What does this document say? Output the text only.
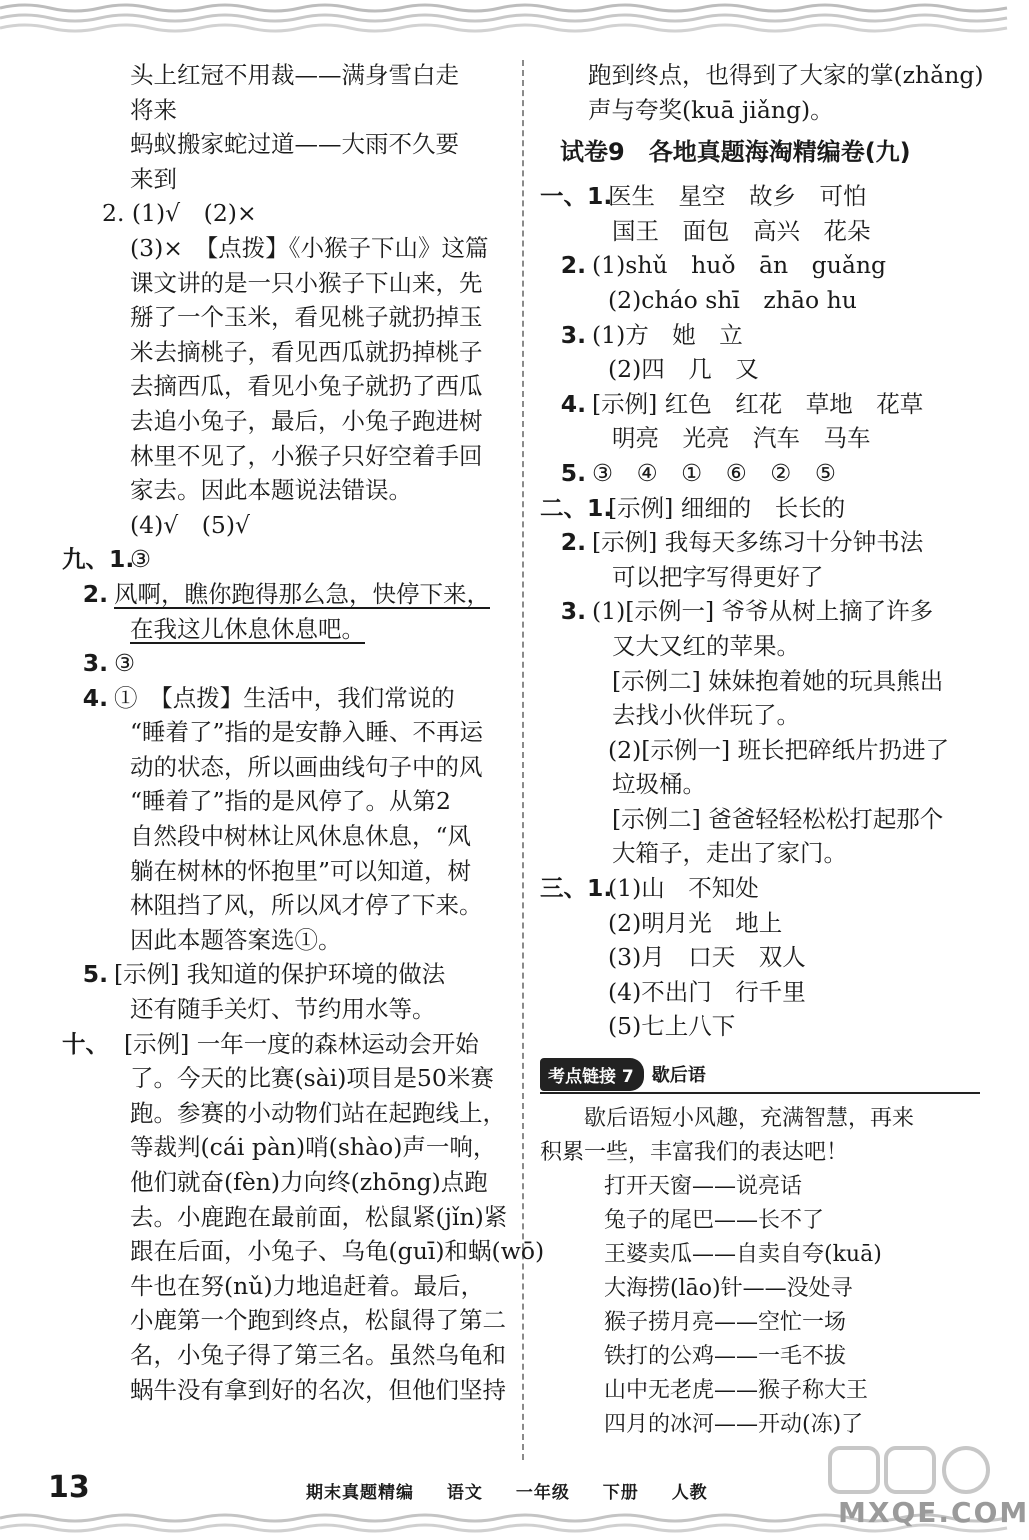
头上红冠不用裁——满身雪白走
将来
蚂蚁搬家蛇过道——大雨不久要
来到
2. (1)√　(2)×
(3)×　【点拨】《小猴子下山》这篇
课文讲的是一只小猴子下山来，先
掰了一个玉米，看见桃子就扔掉玉
米去摘桃子，看见西瓜就扔掉桃子
去摘西瓜，看见小兔子就扔了西瓜
去追小兔子，最后，小兔子跑进树
林里不见了，小猴子只好空着手回
家去。因此本题说法错误。
(4)√　(5)√
九、1.③
2. 风啊，瞧你跑得那么急，快停下来，
在我这儿休息休息吧。
3. ③
4. ①　【点拨】生活中，我们常说的
“睡着了”指的是安静入睡、不再运
动的状态，所以画曲线句子中的风
“睡着了”指的是风停了。从第2
自然段中树林让风休息休息，“风
躺在树林的怀抱里”可以知道，树
林阻挡了风，所以风才停了下来。
因此本题答案选①。
5. [示例] 我知道的保护环境的做法
还有随手关灯、节约用水等。
十、 [示例] 一年一度的森林运动会开始
了。今天的比赛(sài)项目是50米赛
跑。参赛的小动物们站在起跑线上，
等裁判(cái pàn)哨(shào)声一响，
他们就奋(fèn)力向终(zhōng)点跑
去。小鹿跑在最前面，松鼠紧(jǐn)紧
跟在后面，小兔子、乌龟(guī)和蜗(wō)
牛也在努(nǔ)力地追赶着。最后，
小鹿第一个跑到终点，松鼠得了第二
名，小兔子得了第三名。虽然乌龟和
蜗牛没有拿到好的名次，但他们坚持
跑到终点，也得到了大家的掌(zhǎng)
声与夸奖(kuā jiǎng)。
试卷9　各地真题海淘精编卷(九)
一、1.医生　星空　故乡　可怕
国王　面包　高兴　花朵
2. (1)shǔ　huǒ　ān　guǎng
(2)cháo shī　zhāo hu
3. (1)方　她　立
(2)四　几　又
4. [示例] 红色　红花　草地　花草
明亮　光亮　汽车　马车
5. ③　④　①　⑥　②　⑤
二、1.[示例] 细细的　长长的
2. [示例] 我每天多练习十分钟书法
可以把字写得更好了
3. (1)[示例一] 爷爷从树上摘了许多
又大又红的苹果。
[示例二] 妹妹抱着她的玩具熊出
去找小伙伴玩了。
(2)[示例一] 班长把碎纸片扔进了
垃圾桶。
[示例二] 爸爸轻轻松松打起那个
大箱子，走出了家门。
三、1.(1)山　不知处
(2)明月光　地上
(3)月　口天　双人
(4)不出门　行千里
(5)七上八下
考点链接 7	歇后语
　　歇后语短小风趣，充满智慧，再来
积累一些，丰富我们的表达吧！
打开天窗——说亮话
兔子的尾巴——长不了
王婆卖瓜——自卖自夸(kuā)
大海捞(lāo)针——没处寻
猴子捞月亮——空忙一场
铁打的公鸡——一毛不拔
山中无老虎——猴子称大王
四月的冰河——开动(冻)了
13	期末真题精编 语文 一年级 下册 人教
MXQE.COM
